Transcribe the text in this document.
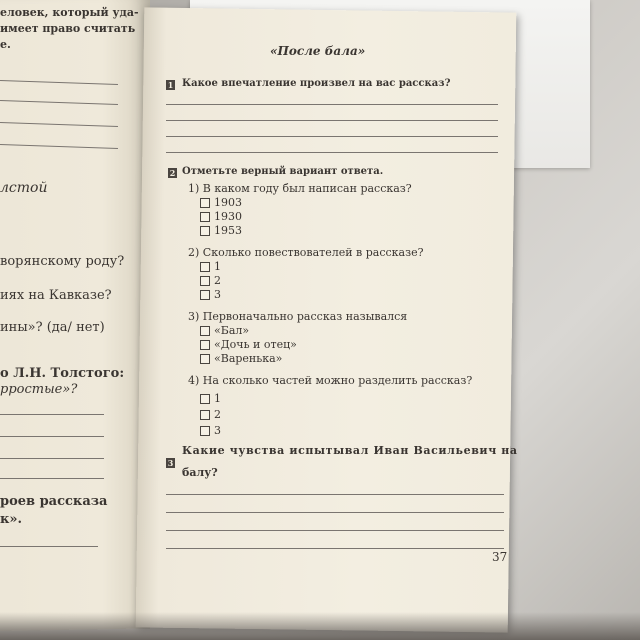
еловек, который уда-
имеет право считать
е.
лстой
ворянскому роду?
иях на Кавказе?
ины»? (да/ нет)
о Л.Н. Толстого:
рростые»?
роев рассказа
к».
«После бала»
1 Какое впечатление произвел на вас рассказ?
2 Отметьте верный вариант ответа.
1) В каком году был написан рассказ?
1903
1930
1953
2) Сколько повествователей в рассказе?
1
2
3
3) Первоначально рассказ назывался
«Бал»
«Дочь и отец»
«Варенька»
4) На сколько частей можно разделить рассказ?
1
2
3
3
Какие чувства испытывал Иван Васильевич на
балу?
37
